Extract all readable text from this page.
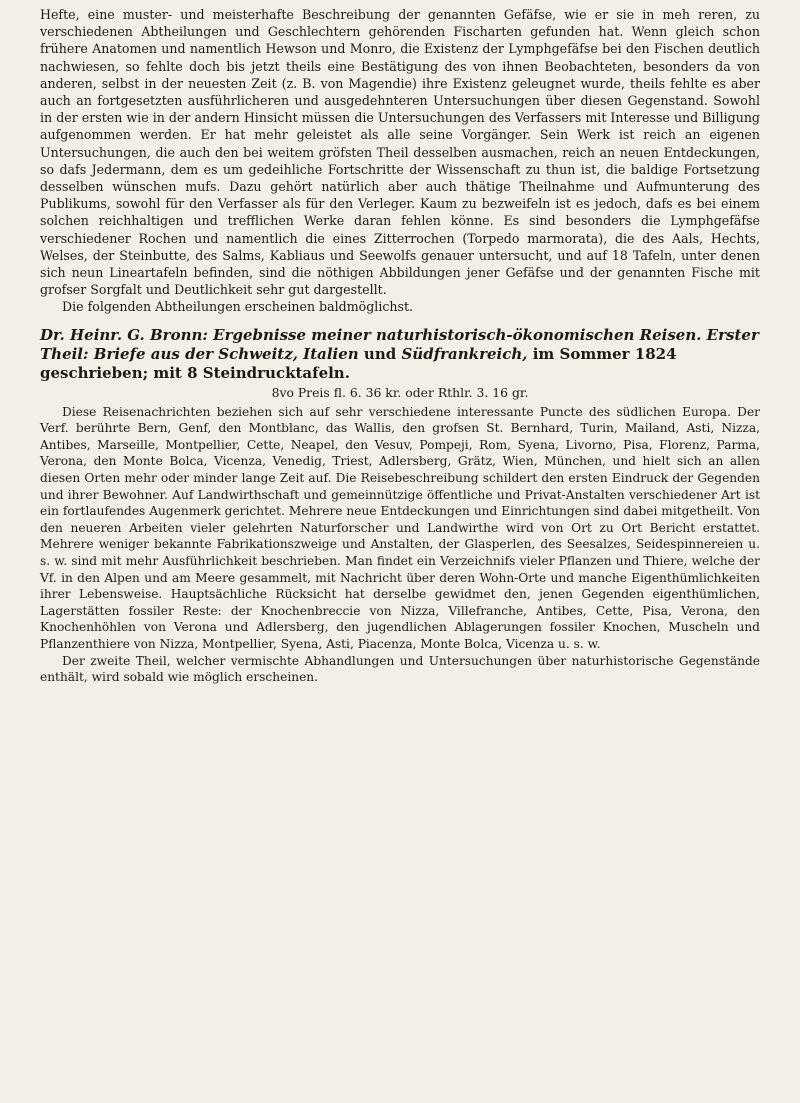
Hefte, eine muster- und meisterhafte Beschreibung der genannten Gefäfse, wie er sie in meh reren, zu verschiedenen Abtheilungen und Geschlechtern gehörenden Fischarten gefunden hat. Wenn gleich schon frühere Anatomen und namentlich Hewson und Monro, die Existenz der Lymphgefäfse bei den Fischen deutlich nachwiesen, so fehlte doch bis jetzt theils eine Bestätigung des von ihnen Beobachteten, besonders da von anderen, selbst in der neuesten Zeit (z. B. von Magendie) ihre Existenz geleugnet wurde, theils fehlte es aber auch an fortgesetzten ausführlicheren und ausgedehnteren Untersuchungen über diesen Gegenstand. Sowohl in der ersten wie in der andern Hinsicht müssen die Untersuchungen des Verfassers mit Interesse und Billigung aufgenommen werden. Er hat mehr geleistet als alle seine Vorgänger. Sein Werk ist reich an eigenen Untersuchungen, die auch den bei weitem gröfsten Theil desselben ausmachen, reich an neuen Entdeckungen, so dafs Jedermann, dem es um gedeihliche Fortschritte der Wissenschaft zu thun ist, die baldige Fortsetzung desselben wünschen mufs. Dazu gehört natürlich aber auch thätige Theilnahme und Aufmunterung des Publikums, sowohl für den Verfasser als für den Verleger. Kaum zu bezweifeln ist es jedoch, dafs es bei einem solchen reichhaltigen und trefflichen Werke daran fehlen könne. Es sind besonders die Lymphgefäfse verschiedener Rochen und namentlich die eines Zitterrochen (Torpedo marmorata), die des Aals, Hechts, Welses, der Steinbutte, des Salms, Kabliaus und Seewolfs genauer untersucht, und auf 18 Tafeln, unter denen sich neun Lineartafeln befinden, sind die nöthigen Abbildungen jener Gefäfse und der genannten Fische mit grofser Sorgfalt und Deutlichkeit sehr gut dargestellt.

Die folgenden Abtheilungen erscheinen baldmöglichst.

Dr. Heinr. G. Bronn: Ergebnisse meiner naturhistorisch-ökonomischen Reisen. Erster Theil: Briefe aus der Schweitz, Italien und Südfrankreich, im Sommer 1824 geschrieben; mit 8 Steindrucktafeln.
8vo Preis fl. 6. 36 kr. oder Rthlr. 3. 16 gr.

Diese Reisenachrichten beziehen sich auf sehr verschiedene interessante Puncte des südlichen Europa. Der Verf. berührte Bern, Genf, den Montblanc, das Wallis, den grofsen St. Bernhard, Turin, Mailand, Asti, Nizza, Antibes, Marseille, Montpellier, Cette, Neapel, den Vesuv, Pompeji, Rom, Syena, Livorno, Pisa, Florenz, Parma, Verona, den Monte Bolca, Vicenza, Venedig, Triest, Adlersberg, Grätz, Wien, München, und hielt sich an allen diesen Orten mehr oder minder lange Zeit auf. Die Reisebeschreibung schildert den ersten Eindruck der Gegenden und ihrer Bewohner. Auf Landwirthschaft und gemeinnützige öffentliche und Privat-Anstalten verschiedener Art ist ein fortlaufendes Augenmerk gerichtet. Mehrere neue Entdeckungen und Einrichtungen sind dabei mitgetheilt. Von den neueren Arbeiten vieler gelehrten Naturforscher und Landwirthe wird von Ort zu Ort Bericht erstattet. Mehrere weniger bekannte Fabrikationszweige und Anstalten, der Glasperlen, des Seesalzes, Seidespinnereien u. s. w. sind mit mehr Ausführlichkeit beschrieben. Man findet ein Verzeichnifs vieler Pflanzen und Thiere, welche der Vf. in den Alpen und am Meere gesammelt, mit Nachricht über deren Wohn-Orte und manche Eigenthümlichkeiten ihrer Lebensweise. Hauptsächliche Rücksicht hat derselbe gewidmet den, jenen Gegenden eigenthümlichen, Lagerstätten fossiler Reste: der Knochenbreccie von Nizza, Villefranche, Antibes, Cette, Pisa, Verona, den Knochenhöhlen von Verona und Adlersberg, den jugendlichen Ablagerungen fossiler Knochen, Muscheln und Pflanzenthiere von Nizza, Montpellier, Syena, Asti, Piacenza, Monte Bolca, Vicenza u. s. w.

Der zweite Theil, welcher vermischte Abhandlungen und Untersuchungen über naturhistorische Gegenstände enthält, wird sobald wie möglich erscheinen.
